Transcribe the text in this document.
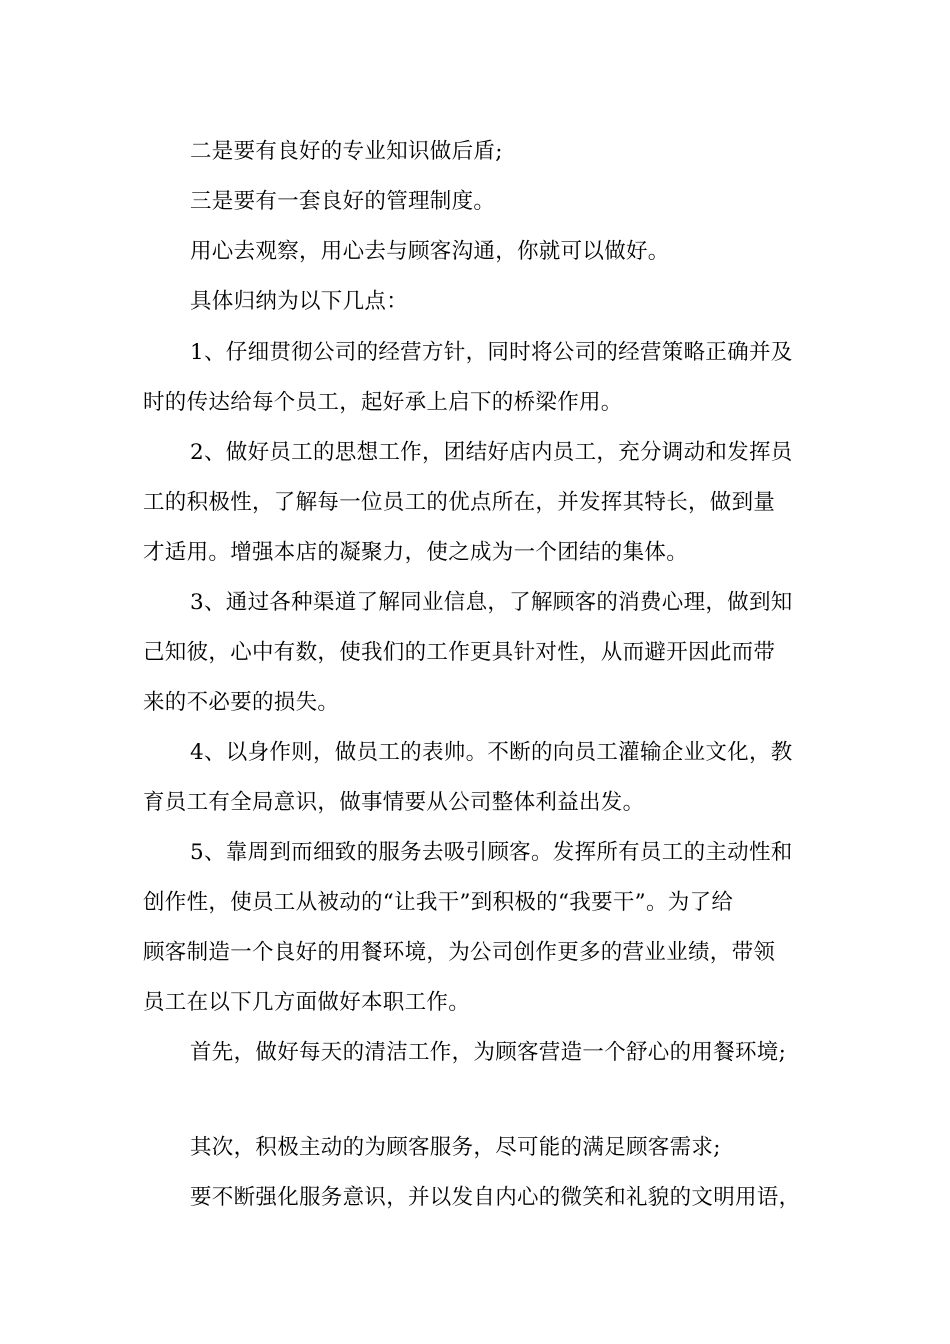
二是要有良好的专业知识做后盾;

三是要有一套良好的管理制度。

用心去观察，用心去与顾客沟通，你就可以做好。

具体归纳为以下几点：

1、仔细贯彻公司的经营方针，同时将公司的经营策略正确并及

时的传达给每个员工，起好承上启下的桥梁作用。

2、做好员工的思想工作，团结好店内员工，充分调动和发挥员

工的积极性，了解每一位员工的优点所在，并发挥其特长，做到量

才适用。增强本店的凝聚力，使之成为一个团结的集体。

3、通过各种渠道了解同业信息，了解顾客的消费心理，做到知

己知彼，心中有数，使我们的工作更具针对性，从而避开因此而带

来的不必要的损失。

4、以身作则，做员工的表帅。不断的向员工灌输企业文化，教

育员工有全局意识，做事情要从公司整体利益出发。

5、靠周到而细致的服务去吸引顾客。发挥所有员工的主动性和

创作性，使员工从被动的“让我干”到积极的“我要干”。为了给

顾客制造一个良好的用餐环境，为公司创作更多的营业业绩，带领

员工在以下几方面做好本职工作。

首先，做好每天的清洁工作，为顾客营造一个舒心的用餐环境;

其次，积极主动的为顾客服务，尽可能的满足顾客需求;

要不断强化服务意识，并以发自内心的微笑和礼貌的文明用语，
